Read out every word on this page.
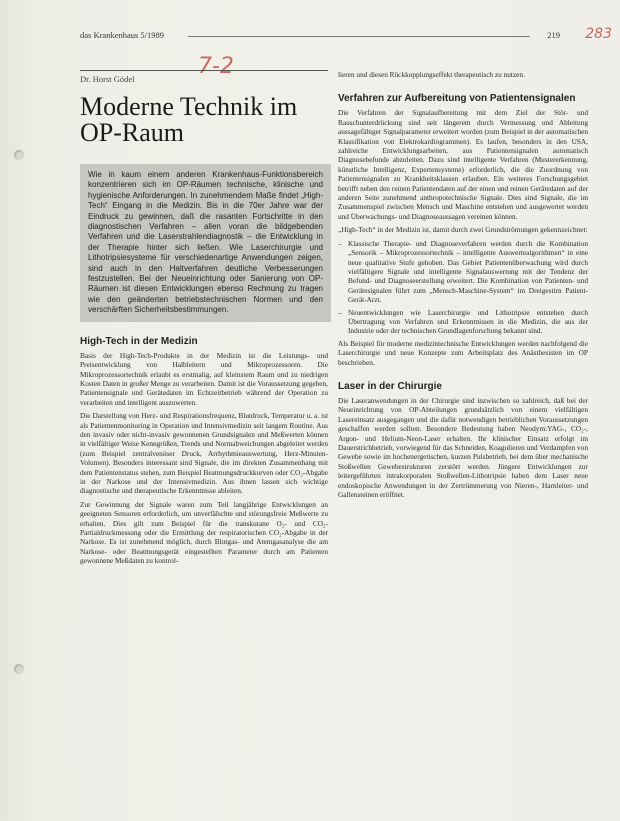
das Krankenhaus 5/1989	219 283
7-2
Dr. Horst Gödel
Moderne Technik im
OP-Raum
Wie in kaum einem anderen Krankenhaus-Funktionsbereich konzentrieren sich im OP-Räumen technische, klinische und hygienische Anforderungen. In zunehmendem Maße findet „High-Tech“ Eingang in die Medizin. Bis in die 70er Jahre war der Eindruck zu gewinnen, daß die rasanten Fortschritte in den diagnostischen Verfahren – allen voran die bildgebenden Verfahren und die Laserstrahlendiagnostik – die Entwicklung in der Therapie hinter sich ließen. Wie Laserchirurgie und Lithotripsiesysteme für verschiedenartige Anwendungen zeigen, sind auch in den Haltverfahren deutliche Verbesserungen festzustellen. Bei der Neueinrichtung oder Sanierung von OP-Räumen ist diesen Entwicklungen ebenso Rechnung zu tragen wie den geänderten betriebstechnischen Normen und den verschärften Sicherheitsbestimmungen.
High-Tech in der Medizin

Basis der High-Tech-Produkte in der Medizin ist die Leistungs- und Preisentwicklung von Halbleitern und Mikroprozessoren. Die Mikroprozessortechnik erlaubt es erstmalig, auf kleinstem Raum und zu niedrigen Kosten Daten in großer Menge zu verarbeiten. Damit ist die Voraussetzung gegeben, Patientensignale und Gerätedaten im Echtzeitbetrieb während der Operation zu verarbeiten und intelligent auszuwerten.

Die Darstellung von Herz- und Respirationsfrequenz, Blutdruck, Temperatur u. a. ist als Patientenmonitoring in Operation und Intensivmedizin seit langem Routine. Aus den invasiv oder nicht-invasiv gewonnenen Grundsignalen und Meßwerten können in vielfältiger Weise Kenngrößen, Trends und Normabweichungen abgeleitet werden (zum Beispiel zentralvenöser Druck, Arrhythmieauswertung, Herz-Minuten-Volumen). Besonders interessant sind Signale, die im direkten Zusammenhang mit dem Patientenstatus stehen, zum Beispiel Beatmungsdruckkurven oder CO₂-Abgabe in der Narkose und der Intensivmedizin. Aus ihnen lassen sich wichtige diagnostische und therapeutische Erkenntnisse ableiten.

Zur Gewinnung der Signale waren zum Teil langjährige Entwicklungen an geeigneten Sensoren erforderlich, um unverfälschte und störungsfreie Meßwerte zu erhalten. Dies gilt zum Beispiel für die transkutane O₂- und CO₂-Partialdruckmessung oder die Ermittlung der respiratorischen CO₂-Abgabe in der Narkose. Es ist zunehmend möglich, durch Blutgas- und Atemgasanalyse die am Narkose- oder Beatmungsgerät eingestellten Parameter durch am Patienten gewonnene Meßdaten zu kontrol-

lieren und diesen Rückkopplungseffekt therapeutisch zu nutzen.

Verfahren zur Aufbereitung von Patientensignalen

Die Verfahren der Signalaufbereitung mit dem Ziel der Stör- und Rauschunterdrückung sind seit längerem durch Vermessung und Ableitung aussagefähiger Signalparameter erweitert worden (zum Beispiel in der automatischen Klassifikation von Elektrokardiogrammen). Es laufen, besonders in den USA, zahlreiche Entwicklungsarbeiten, aus Patientensignalen automatisch Diagnosebefunde abzuleiten. Dazu sind intelligente Verfahren (Mustererkennung, künstliche Intelligenz, Expertensysteme) erforderlich, die die Zuordnung von Patientensignalen zu Krankheitsklassen erlauben. Ein weiteres Forschungsgebiet betrifft neben den reinen Patientendaten auf der einen und reinen Gerätedaten auf der anderen Seite zunehmend anthropotechnische Signale. Dies sind Signale, die im Zusammenspiel zwischen Mensch und Maschine entstehen und ausgewertet werden und Überwachungs- und Diagnoseaussagen vereinen können.

„High-Tech“ in der Medizin ist, damit durch zwei Grundströmungen gekennzeichnet:

– Klassische Therapie- und Diagnoseverfahren werden durch die Kombination „Sensorik – Mikroprozessortechnik – intelligente Auswertealgorithmen“ in eine neue qualitative Stufe gehoben. Das Gebiet Patientenüberwachung wird durch vielfältigere Signale und intelligente Signalauswertung mit der Tendenz der Befund- und Diagnoseerstellung erweitert. Die Kombination von Patienten- und Gerätesignalen führt zum „Mensch-Maschine-System“ im Dreigestirn Patient-Gerät-Arzt.
– Neuentwicklungen wie Laserchirurgie und Lithotripsie entstehen durch Übertragung von Verfahren und Erkenntnissen in die Medizin, die aus der Industrie oder der technischen Grundlagenforschung bekannt sind.

Als Beispiel für moderne medizintechnische Entwicklungen werden nachfolgend die Laserchirurgie und neue Konzepte zum Arbeitsplatz des Anästhesisten im OP beschrieben.

Laser in der Chirurgie

Die Laseranwendungen in der Chirurgie sind inzwischen so zahlreich, daß bei der Neueinrichtung von OP-Abteilungen grundsätzlich von einem vielfältigen Lasereinsatz ausgegangen und die dafür notwendigen betrieblichen Voraussetzungen geschaffen werden sollten. Besondere Bedeutung haben Neodym:YAG-, CO₂-, Argon- und Helium-Neon-Laser erhalten. Ihr klinischer Einsatz erfolgt im Dauerstrichbetrieb, vorwiegend für das Schneiden, Koagulieren und Verdampfen von Gewebe sowie im hochenergetischen, kurzen Pulsbetrieb, bei dem über mechanische Stoßwellen Gewebestrukturen zerstört werden. Jüngere Entwicklungen zur leitergeführten intrakorporalen Stoßwellen-Lithotripsie haben dem Laser neue endoskopische Anwendungen in der Zertrümmerung von Nieren-, Harnleiter- und Gallensteinen eröffnet.
